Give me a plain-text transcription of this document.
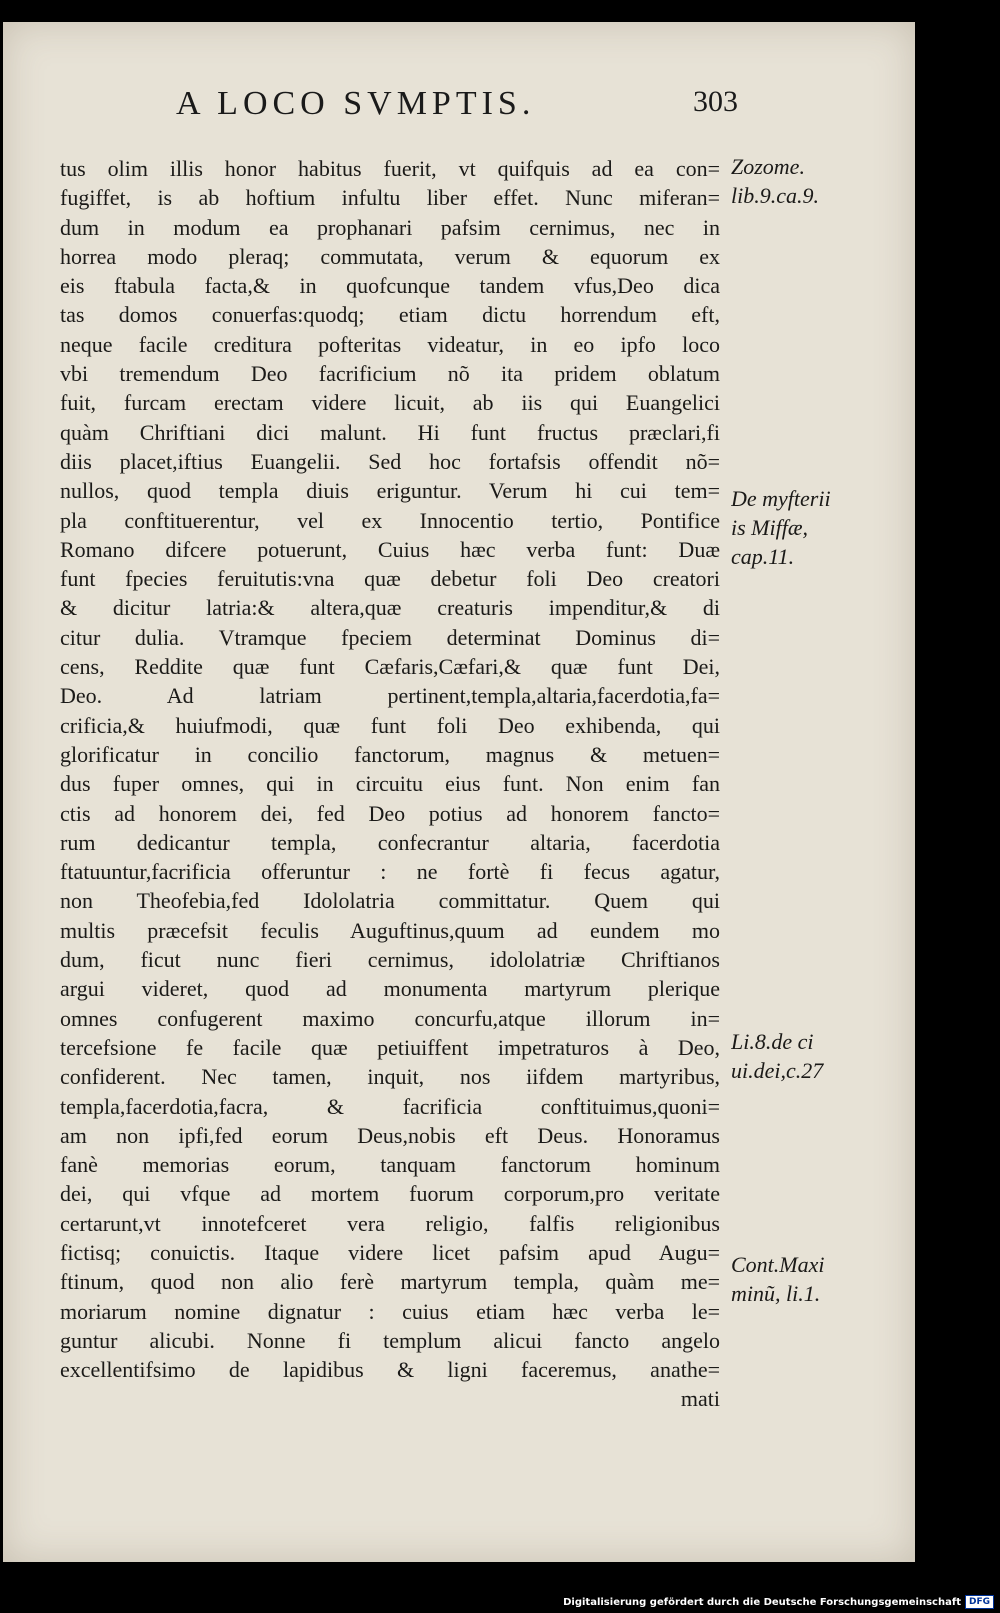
A LOCO SVMPTIS.	303
tus olim illis honor habitus fuerit, vt quifquis ad ea con=
fugiffet, is ab hoftium infultu liber effet. Nunc miferan=
dum in modum ea prophanari pafsim cernimus, nec in
horrea modo pleraq; commutata, verum & equorum ex
eis ftabula facta,& in quofcunque tandem vfus,Deo dica
tas domos conuerfas:quodq; etiam dictu horrendum eft,
neque facile creditura pofteritas videatur, in eo ipfo loco
vbi tremendum Deo facrificium nõ ita pridem oblatum
fuit, furcam erectam videre licuit, ab iis qui Euangelici
quàm Chriftiani dici malunt. Hi funt fructus præclari,fi
diis placet,iftius Euangelii. Sed hoc fortafsis offendit nõ=
nullos, quod templa diuis eriguntur. Verum hi cui tem=
pla conftituerentur, vel ex Innocentio tertio, Pontifice
Romano difcere potuerunt, Cuius hæc verba funt: Duæ
funt fpecies feruitutis:vna quæ debetur foli Deo creatori
& dicitur latria:& altera,quæ creaturis impenditur,& di
citur dulia. Vtramque fpeciem determinat Dominus di=
cens, Reddite quæ funt Cæfaris,Cæfari,& quæ funt Dei,
Deo. Ad latriam pertinent,templa,altaria,facerdotia,fa=
crificia,& huiufmodi, quæ funt foli Deo exhibenda, qui
glorificatur in concilio fanctorum, magnus & metuen=
dus fuper omnes, qui in circuitu eius funt. Non enim fan
ctis ad honorem dei, fed Deo potius ad honorem fancto=
rum dedicantur templa, confecrantur altaria, facerdotia
ftatuuntur,facrificia offeruntur : ne fortè fi fecus agatur,
non Theofebia,fed Idololatria committatur. Quem qui
multis præcefsit feculis Auguftinus,quum ad eundem mo
dum, ficut nunc fieri cernimus, idololatriæ Chriftianos
argui videret, quod ad monumenta martyrum plerique
omnes confugerent maximo concurfu,atque illorum in=
tercefsione fe facile quæ petiuiffent impetraturos à Deo,
confiderent. Nec tamen, inquit, nos iifdem martyribus,
templa,facerdotia,facra, & facrificia conftituimus,quoni=
am non ipfi,fed eorum Deus,nobis eft Deus. Honoramus
fanè memorias eorum, tanquam fanctorum hominum
dei, qui vfque ad mortem fuorum corporum,pro veritate
certarunt,vt innotefceret vera religio, falfis religionibus
fictisq; conuictis. Itaque videre licet pafsim apud Augu=
ftinum, quod non alio ferè martyrum templa, quàm me=
moriarum nomine dignatur : cuius etiam hæc verba le=
guntur alicubi. Nonne fi templum alicui fancto angelo
excellentifsimo de lapidibus & ligni faceremus, anathe=
mati
Zozome.
lib.9.ca.9.
De myfterii
is Miffæ,
cap.11.
Li.8.de ci
ui.dei,c.27
Cont.Maxi
minũ, li.1.
Digitalisierung gefördert durch die Deutsche Forschungsgemeinschaft DFG
